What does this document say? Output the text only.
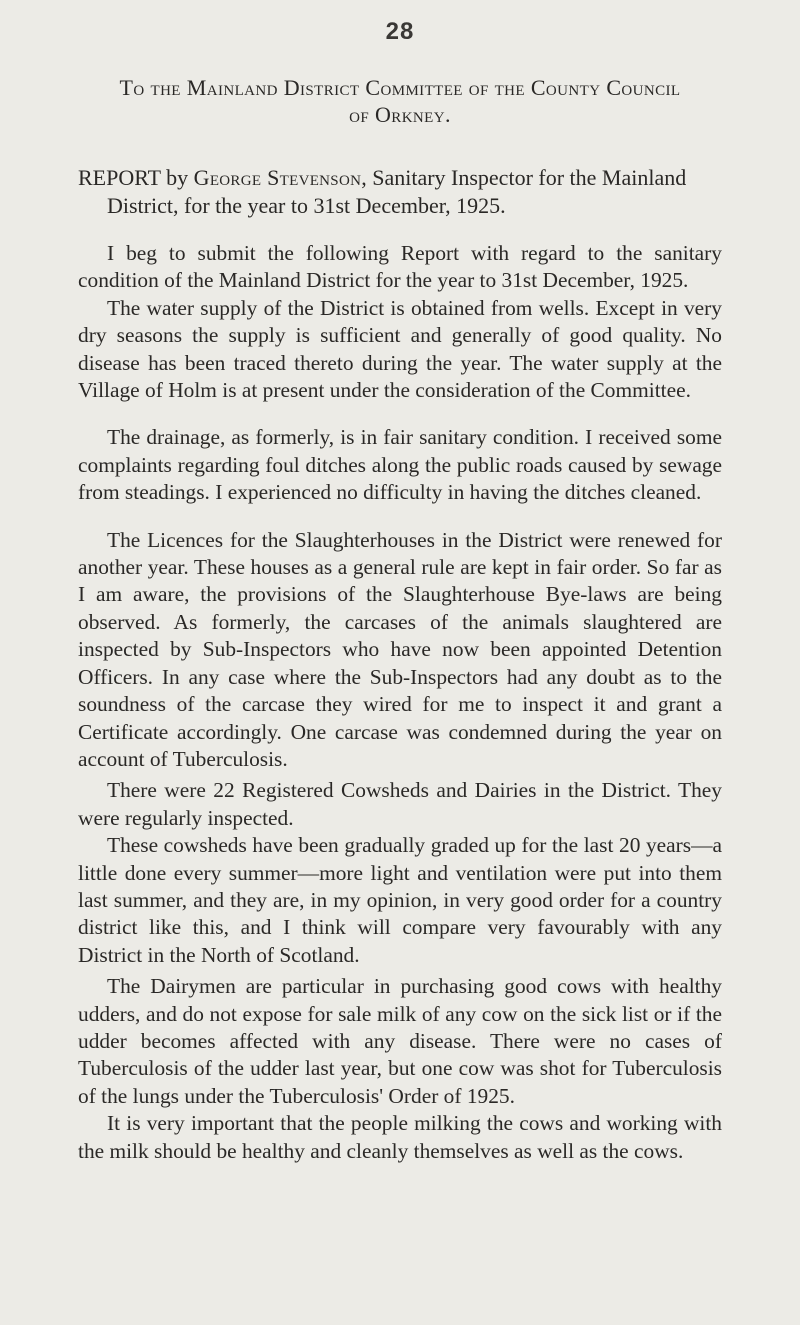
28
To the Mainland District Committee of the County Council
of Orkney.

REPORT by George Stevenson, Sanitary Inspector for the Mainland District, for the year to 31st December, 1925.

I beg to submit the following Report with regard to the sanitary condition of the Mainland District for the year to 31st December, 1925.

The water supply of the District is obtained from wells. Except in very dry seasons the supply is sufficient and generally of good quality. No disease has been traced thereto during the year. The water supply at the Village of Holm is at present under the consideration of the Committee.

The drainage, as formerly, is in fair sanitary condition. I received some complaints regarding foul ditches along the public roads caused by sewage from steadings. I experienced no difficulty in having the ditches cleaned.

The Licences for the Slaughterhouses in the District were renewed for another year. These houses as a general rule are kept in fair order. So far as I am aware, the provisions of the Slaughterhouse Bye-laws are being observed. As formerly, the carcases of the animals slaughtered are inspected by Sub-Inspectors who have now been appointed Detention Officers. In any case where the Sub-Inspectors had any doubt as to the soundness of the carcase they wired for me to inspect it and grant a Certificate accordingly. One carcase was condemned during the year on account of Tuberculosis.

There were 22 Registered Cowsheds and Dairies in the District. They were regularly inspected.

These cowsheds have been gradually graded up for the last 20 years—a little done every summer—more light and ventilation were put into them last summer, and they are, in my opinion, in very good order for a country district like this, and I think will compare very favourably with any District in the North of Scotland.

The Dairymen are particular in purchasing good cows with healthy udders, and do not expose for sale milk of any cow on the sick list or if the udder becomes affected with any disease. There were no cases of Tuberculosis of the udder last year, but one cow was shot for Tuberculosis of the lungs under the Tuberculosis' Order of 1925.

It is very important that the people milking the cows and working with the milk should be healthy and cleanly themselves as well as the cows.
